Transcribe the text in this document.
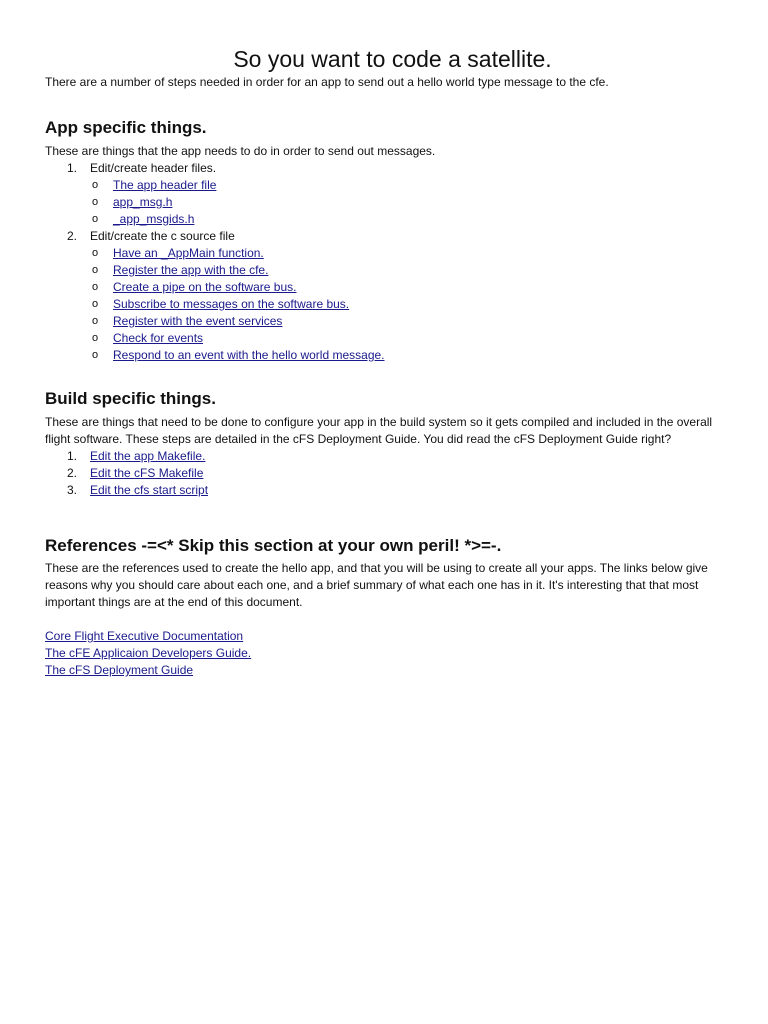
So you want to code a satellite.

There are a number of steps needed in order for an app to send out a hello world type message to the cfe.

App specific things.

These are things that the app needs to do in order to send out messages.

1. Edit/create header files.
o The app header file
o app_msg.h
o _app_msgids.h
2. Edit/create the c source file
o Have an _AppMain function.
o Register the app with the cfe.
o Create a pipe on the software bus.
o Subscribe to messages on the software bus.
o Register with the event services
o Check for events
o Respond to an event with the hello world message.
Build specific things.

These are things that need to be done to configure your app in the build system so it gets compiled and included in the overall flight software. These steps are detailed in the cFS Deployment Guide. You did read the cFS Deployment Guide right?

1. Edit the app Makefile.
2. Edit the cFS Makefile
3. Edit the cfs start script
References -=<* Skip this section at your own peril! *>=-.

These are the references used to create the hello app, and that you will be using to create all your apps. The links below give reasons why you should care about each one, and a brief summary of what each one has in it. It's interesting that that most important things are at the end of this document.

Core Flight Executive Documentation
The cFE Applicaion Developers Guide.
The cFS Deployment Guide
